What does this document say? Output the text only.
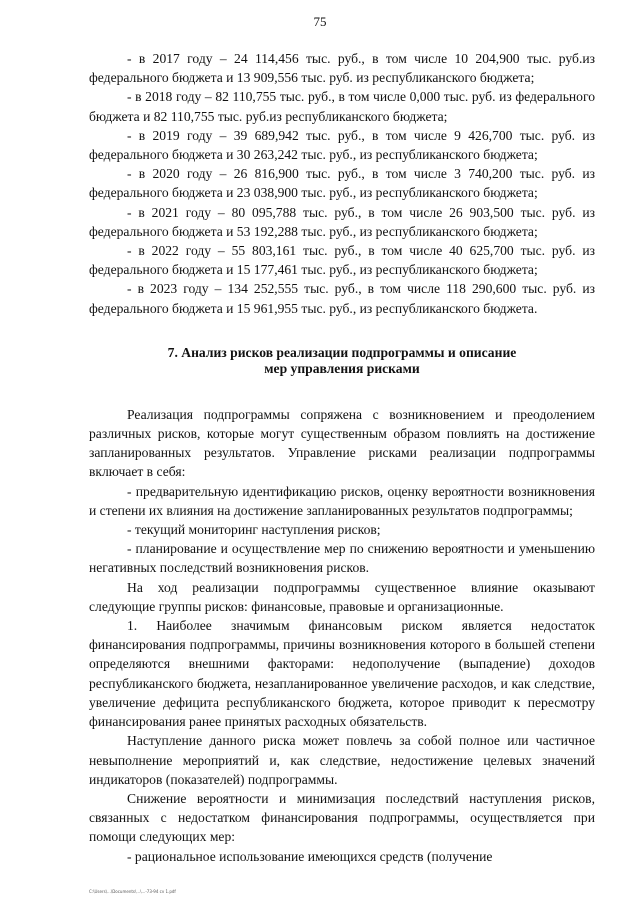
75

- в 2017 году – 24 114,456 тыс. руб., в том числе 10 204,900 тыс. руб.из федерального бюджета и 13 909,556 тыс. руб. из республиканского бюджета;

- в 2018 году – 82 110,755 тыс. руб., в том числе 0,000 тыс. руб. из федерального бюджета и 82 110,755 тыс. руб.из республиканского бюджета;

- в 2019 году – 39 689,942 тыс. руб., в том числе 9 426,700 тыс. руб. из федерального бюджета и 30 263,242 тыс. руб., из республиканского бюджета;

- в 2020 году – 26 816,900 тыс. руб., в том числе 3 740,200 тыс. руб. из федерального бюджета и 23 038,900 тыс. руб., из республиканского бюджета;

- в 2021 году – 80 095,788 тыс. руб., в том числе 26 903,500 тыс. руб. из федерального бюджета и 53 192,288 тыс. руб., из республиканского бюджета;

- в 2022 году – 55 803,161 тыс. руб., в том числе 40 625,700 тыс. руб. из федерального бюджета и 15 177,461 тыс. руб., из республиканского бюджета;

- в 2023 году – 134 252,555 тыс. руб., в том числе 118 290,600 тыс. руб. из федерального бюджета и 15 961,955 тыс. руб., из республиканского бюджета.

7. Анализ рисков реализации подпрограммы и описание
мер управления рисками

Реализация подпрограммы сопряжена с возникновением и преодолением различных рисков, которые могут существенным образом повлиять на достижение запланированных результатов. Управление рисками реализации подпрограммы включает в себя:

- предварительную идентификацию рисков, оценку вероятности возникновения и степени их влияния на достижение запланированных результатов подпрограммы;

- текущий мониторинг наступления рисков;

- планирование и осуществление мер по снижению вероятности и уменьшению негативных последствий возникновения рисков.

На ход реализации подпрограммы существенное влияние оказывают следующие группы рисков: финансовые, правовые и организационные.

1. Наиболее значимым финансовым риском является недостаток финансирования подпрограммы, причины возникновения которого в большей степени определяются внешними факторами: недополучение (выпадение) доходов республиканского бюджета, незапланированное увеличение расходов, и как следствие, увеличение дефицита республиканского бюджета, которое приводит к пересмотру финансирования ранее принятых расходных обязательств.

Наступление данного риска может повлечь за собой полное или частичное невыполнение мероприятий и, как следствие, недостижение целевых значений индикаторов (показателей) подпрограммы.

Снижение вероятности и минимизация последствий наступления рисков, связанных с недостатком финансирования подпрограммы, осуществляется при помощи следующих мер:

- рациональное использование имеющихся средств (получение

C:\Users\...\Documents\...\...-73-94 cv 1.pdf
